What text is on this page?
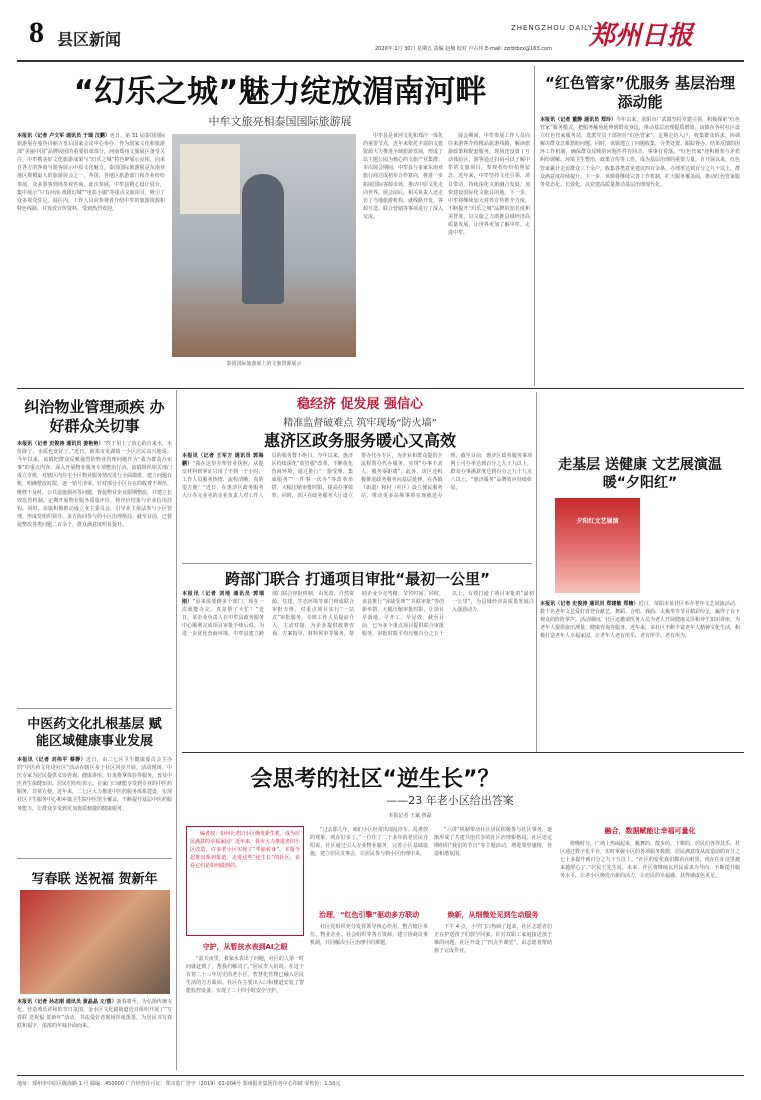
8 县区新闻
ZHENGZHOU DAILY
郑州日报
2020年 1月 30日 星期五 责编 赵楠 校对 卢占伟 E-mail: zzrbtbzx@163.com
“幻乐之城”魅力绽放湄南河畔
中牟文旅亮相泰国国际旅游展

本报讯（记者 卢文军 通讯员 于瑞 汉鹏）近日，第 31 届泰国国际旅游展在曼谷诗丽吉皇后国家会议中心举办。作为国家文化和旅游部“美丽中国”品牌展团的重要组成部分，河南郑州文旅展区备受关注，中牟携美好文化旅游成果与“幻乐之城”特色IP展示亮相，向来自各方的客商与游客展示中原文化魅力。泰国国际旅游展是东南亚地区规模最大的旅游展会之一，各国、各地区旅游部门和企业纷纷参展，众多游客到场参观咨询。此次参展，中牟县精心设计展台，集中展示“只有河南·戏剧幻城”“电影小镇”等重点文旅项目，吸引了众多观众驻足。展区内，工作人员向参观者介绍中牟的旅游资源和特色线路，并发放宣传资料，受到热烈欢迎。

泰国国际旅游展上的文旅资源展示

中牟县是黄河文化和郑汴一体化的重要节点，近年来依托丰富的文旅资源大力推进全域旅游发展，形成了以主题公园为核心的文旅产业集群。本次展会期间，中牟县与多家东南亚旅行商达成初步合作意向，将进一步拓展国际客源市场，推动中原文化走向世界。展会前后，相关负责人还走访了当地旅游机构，就线路开发、客源互送、联合营销等事项进行了深入交流。

展会期间，中牟参展工作人员向往来游客介绍精品旅游线路，解读旅游政策和配套服务。现场还设置了互动体验区，游客通过扫码可以了解中牟的文旅项目，参观者纷纷拍照留念。近年来，中牟坚持文化引领、项目带动，持续深化文旅融合发展，加快建设国际化文旅目的地。下一步，中牟将继续加大对外宣传推介力度，不断提升“幻乐之城”品牌的知名度和美誉度，以文旅之力助推县域经济高质量发展，让世界更加了解中牟、走进中牟。

“红色管家”优服务 基层治理添动能

本报讯（记者 董静 通讯员 郑玲）今年以来，荥阳市广武镇坚持党建引领，积极探索“红色管家”服务模式，把服务触角延伸到群众身边，推动基层治理提质增效。该镇在各村社区设立红色管家服务站，选派党员干部担任“红色管家”，定期走访入户，收集群众诉求，协调解决群众急难愁盼问题。同时，该镇建立了问题收集、分类处置、跟踪督办、结果反馈的闭环工作机制，确保群众反映的问题件件有回音、事事有着落。“红色管家”还积极参与矛盾纠纷调解、环境卫生整治、政策宣传等工作，成为基层治理的重要力量。自开展以来，红色管家累计走访群众三千余户，收集各类意见建议四百余条，办理率达到百分之九十以上，群众满意度持续提升。下一步，该镇将继续完善工作机制，扩大服务覆盖面，推动红色管家服务常态化、长效化，以党建高质量推动基层治理现代化。

纠治物业管理顽疾 办好群众关切事

本报讯（记者 史俊涛 通讯员 姜艳艳）“终于用上了放心的自来水，水价降了，水质也变好了。”近日，新郑市龙湖镇一小区居民高兴地说。今年以来，该镇把群众反映强烈的物业管理问题作为“我为群众办实事”的重点内容，深入开展物业服务专项整治行动。该镇组织相关部门成立专班，对辖区内住宅小区物业服务情况进行全面摸排，建立问题台账，明确整改时限，逐一销号清零。针对部分小区存在的收费不规范、维修不及时、公共设施损坏等问题，督促物业企业限期整改，并建立长效监管机制，定期开展物业服务质量评价，将评价结果与企业信用挂钩。同时，该镇积极推动成立业主委员会，引导业主依法参与小区管理，形成党组织领导、多方协同参与的小区治理格局。截至目前，已督促整改各类问题二百余个，群众满意度明显提升。

中医药文化扎根基层 赋能区域健康事业发展

本报讯（记者 刘伟平 蔡静）近日，由二七区卫生健康委员会主办的“中医药文化进社区”活动在辖区多个社区同步开展。活动现场，中医专家为居民提供义诊咨询、健康讲座、针灸推拿体验等服务，普及中医养生保健知识。居民们纷纷表示，在家门口就能享受到专业的中医药服务，非常方便。近年来，二七区大力推进中医药服务体系建设，实现社区卫生服务中心和乡镇卫生院中医馆全覆盖，不断提升基层中医药服务能力，让群众享受到更加优质便捷的健康服务。

写春联 送祝福 贺新年

本报讯（记者 孙志刚 通讯员 黄晶晶 文/图）新春将至，为弘扬传统文化，营造欢乐祥和的节日氛围，金水区文化路街道近日组织开展了“写春联 送祝福 贺新年”活动。书法爱好者现场挥毫泼墨，为居民书写春联和福字，浓浓的年味扑面而来。

稳经济 促发展 强信心
精准监督破难点 筑牢现场“防火墙”
惠济区政务服务暖心又高效

本报讯（记者 王军方 通讯员 郭海鹏）“我在这里办理营业执照，从提交材料到拿证只用了不到一个小时，工作人员服务热情、流程清晰，真的很方便！”近日，在惠济区政务服务大厅办完业务的企业负责人对工作人员的服务赞不绝口。今年以来，惠济区持续深化“放管服”改革，不断优化营商环境，通过推行“一窗受理、集成服务”“一件事一次办”等改革举措，大幅压缩审批时限，提高办事效率。同时，该区在政务服务大厅设立帮办代办专区，为企业和群众提供全流程帮办代办服务，实现“办事不求人、服务零距离”。此外，该区还积极推进政务服务向基层延伸，在各镇（街道）和村（社区）设立便民服务站，推动更多高频事项实现就近办理。截至目前，惠济区政务服务事项网上可办率达到百分之九十九以上，群众办事满意度达到百分之九十九点八以上，“惠济服务”品牌效应持续彰显。

走基层 送健康 文艺展演温暖“夕阳红”
夕阳红文艺展演

本报讯（记者 史俊涛 通讯员 郑建敏 郑楠）近日，荥阳市某社区举办老年文艺展演活动，数十名老年文艺爱好者登台献艺。舞蹈、合唱、戏曲、太极拳等节目精彩纷呈，赢得了台下观众的阵阵掌声。活动期间，社区还邀请医务人员为老人开展健康义诊和养生知识讲座，为老年人提供血压测量、健康咨询等服务。近年来，该社区不断丰富老年人精神文化生活，积极打造老年人幸福家园，让老年人老有所乐、老有所学、老有所为。

跨部门联合 打通项目审批“最初一公里”

本报讯（记者 刘地 通讯员 郭瑞刚）“原来需要跑多个部门，现在一次就能办完，真是帮了大忙！”近日，某企业负责人在中牟县政务服务中心顺利完成项目审批手续后说。为进一步优化营商环境，中牟县建立跨部门联合审批机制，由发改、自然资源、住建、生态环境等部门组成联合审批专班，对重点项目实行“一站式”审批服务。专班工作人员提前介入、主动对接，为企业提供政策咨询、方案指导、材料预审等服务，帮助企业少走弯路、节省时间。同时，该县推行“容缺受理”“并联审批”等创新举措，大幅压缩审批时限，让项目早落地、早开工、早见效。截至目前，已为多个重点项目提供联合审批服务，审批时限平均压缩百分之五十以上，有效打通了项目审批的“最初一公里”，为县域经济高质量发展注入强劲动力。

会思考的社区“逆生长”？
——23 年老小区给出答案
本报记者 王斌 鲁磊

编者按：如何让老旧小区焕发新生机，成为居民满意的幸福家园？近年来，我市大力推进老旧小区改造，许多老小区实现了“华丽转身”。本版今起推出系列报道，走进这些“逆生长”的社区，看看它们是如何做到的。

守护，从暂扶水表到AI之眼

“前天夜里，我家水表出了问题，社区的人第一时间就赶到了，帮我们解决了。”居民李大妈说。在这个有着二十三年历史的老小区，智慧化管理已融入居民生活的方方面面。社区在主要出入口和楼道安装了智能监控设备，实现了二十四小时安全守护。

“过去那几年，咱们小区经常出现乱停车、乱堆放的现象，现在好多了。”一位住了二十多年的老居民介绍说。社区通过引入专业物业服务，完善小区基础设施，建立居民议事会，让居民参与到小区治理中来。

治理，“红色引擎”驱动多方联动

社区党组织充分发挥领导核心作用，整合辖区单位、物业企业、社会组织等各方资源，建立协商议事机制，共同解决小区治理中的难题。

“六讲”机制带动社区居民积极参与社区事务，逐渐形成了共建共治共享的社区治理新格局。社区还定期组织“我们的节日”等主题活动，增进邻里感情，营造和谐氛围。

焕新，从细微处见到生动服务

下午 4 点，小学门口热闹了起来，社区志愿者们正在护送孩子们放学回家。针对双职工家庭接送孩子难的问题，社区开设了“四点半课堂”，由志愿者帮助孩子完成作业。

融合，数据赋能让幸福可量化

傍晚时分，广场上热闹起来，跳舞的、散步的、下棋的，居民们各得其乐。社区通过数字化平台，实时掌握小区的各项服务数据，居民满意度从改造前的百分之七十多提升到百分之九十五以上。“社区的变化我们都看在眼里，现在住在这里越来越舒心了。”居民王先生说。未来，社区将继续以居民需求为导向，不断提升服务水平，让老小区焕发出新的活力，让居民的幸福感、获得感成色更足。

地址：郑州市中原区陇海路 1 号 邮编：450000 广告经营许可证：郑市监广登字（2019）01-004号 郑州报业集团印务中心印刷 零售价：1.50元
